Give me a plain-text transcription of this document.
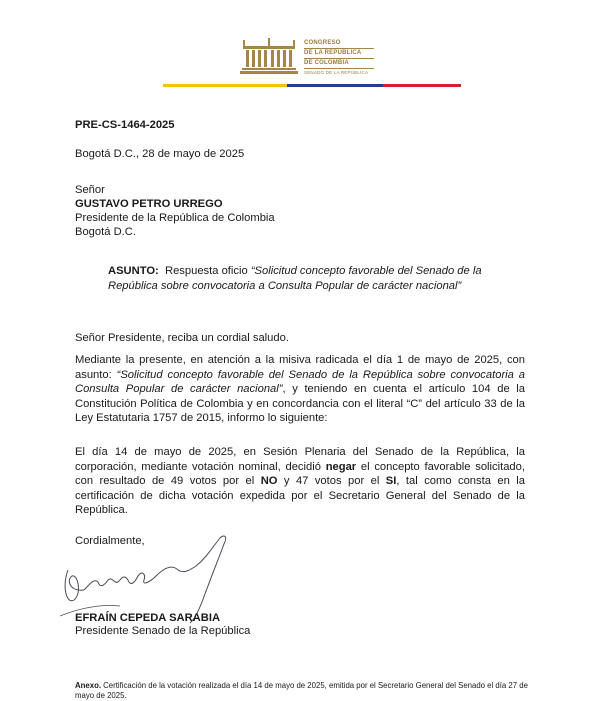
CONGRESO
DE LA REPÚBLICA
DE COLOMBIA
SENADO DE LA REPÚBLICA
PRE-CS-1464-2025
Bogotá D.C., 28 de mayo de 2025
Señor
GUSTAVO PETRO URREGO
Presidente de la República de Colombia
Bogotá D.C.
ASUNTO: Respuesta oficio “Solicitud concepto favorable del Senado de la República sobre convocatoria a Consulta Popular de carácter nacional”
Señor Presidente, reciba un cordial saludo.
Mediante la presente, en atención a la misiva radicada el día 1 de mayo de 2025, con asunto: “Solicitud concepto favorable del Senado de la República sobre convocatoria a Consulta Popular de carácter nacional”, y teniendo en cuenta el artículo 104 de la Constitución Política de Colombia y en concordancia con el literal “C” del artículo 33 de la Ley Estatutaria 1757 de 2015, informo lo siguiente:
El día 14 de mayo de 2025, en Sesión Plenaria del Senado de la República, la corporación, mediante votación nominal, decidió negar el concepto favorable solicitado, con resultado de 49 votos por el NO y 47 votos por el SI, tal como consta en la certificación de dicha votación expedida por el Secretario General del Senado de la República.
Cordialmente,
EFRAÍN CEPEDA SARABIA
Presidente Senado de la República
Anexo. Certificación de la votación realizada el día 14 de mayo de 2025, emitida por el Secretario General del Senado el día 27 de mayo de 2025.
